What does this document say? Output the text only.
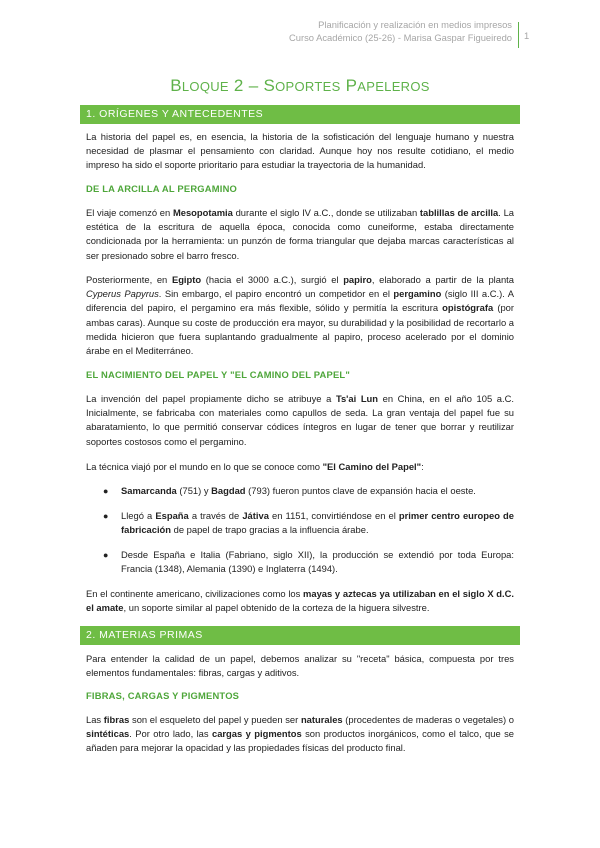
Planificación y realización en medios impresos
Curso Académico (25-26) - Marisa Gaspar Figueiredo 1
BLOQUE 2 – SOPORTES PAPELEROS
1. ORÍGENES Y ANTECEDENTES

La historia del papel es, en esencia, la historia de la sofisticación del lenguaje humano y nuestra necesidad de plasmar el pensamiento con claridad. Aunque hoy nos resulte cotidiano, el medio impreso ha sido el soporte prioritario para estudiar la trayectoria de la humanidad.

DE LA ARCILLA AL PERGAMINO

El viaje comenzó en Mesopotamia durante el siglo IV a.C., donde se utilizaban tablillas de arcilla. La estética de la escritura de aquella época, conocida como cuneiforme, estaba directamente condicionada por la herramienta: un punzón de forma triangular que dejaba marcas características al ser presionado sobre el barro fresco.

Posteriormente, en Egipto (hacia el 3000 a.C.), surgió el papiro, elaborado a partir de la planta Cyperus Papyrus. Sin embargo, el papiro encontró un competidor en el pergamino (siglo III a.C.). A diferencia del papiro, el pergamino era más flexible, sólido y permitía la escritura opistógrafa (por ambas caras). Aunque su coste de producción era mayor, su durabilidad y la posibilidad de recortarlo a medida hicieron que fuera suplantando gradualmente al papiro, proceso acelerado por el dominio árabe en el Mediterráneo.

EL NACIMIENTO DEL PAPEL Y "EL CAMINO DEL PAPEL"

La invención del papel propiamente dicho se atribuye a Ts'ai Lun en China, en el año 105 a.C. Inicialmente, se fabricaba con materiales como capullos de seda. La gran ventaja del papel fue su abaratamiento, lo que permitió conservar códices íntegros en lugar de tener que borrar y reutilizar soportes costosos como el pergamino.

La técnica viajó por el mundo en lo que se conoce como "El Camino del Papel":

● Samarcanda (751) y Bagdad (793) fueron puntos clave de expansión hacia el oeste.

● Llegó a España a través de Játiva en 1151, convirtiéndose en el primer centro europeo de fabricación de papel de trapo gracias a la influencia árabe.

● Desde España e Italia (Fabriano, siglo XII), la producción se extendió por toda Europa: Francia (1348), Alemania (1390) e Inglaterra (1494).

En el continente americano, civilizaciones como los mayas y aztecas ya utilizaban en el siglo X d.C. el amate, un soporte similar al papel obtenido de la corteza de la higuera silvestre.

2. MATERIAS PRIMAS

Para entender la calidad de un papel, debemos analizar su "receta" básica, compuesta por tres elementos fundamentales: fibras, cargas y aditivos.

FIBRAS, CARGAS Y PIGMENTOS

Las fibras son el esqueleto del papel y pueden ser naturales (procedentes de maderas o vegetales) o sintéticas. Por otro lado, las cargas y pigmentos son productos inorgánicos, como el talco, que se añaden para mejorar la opacidad y las propiedades físicas del producto final.
